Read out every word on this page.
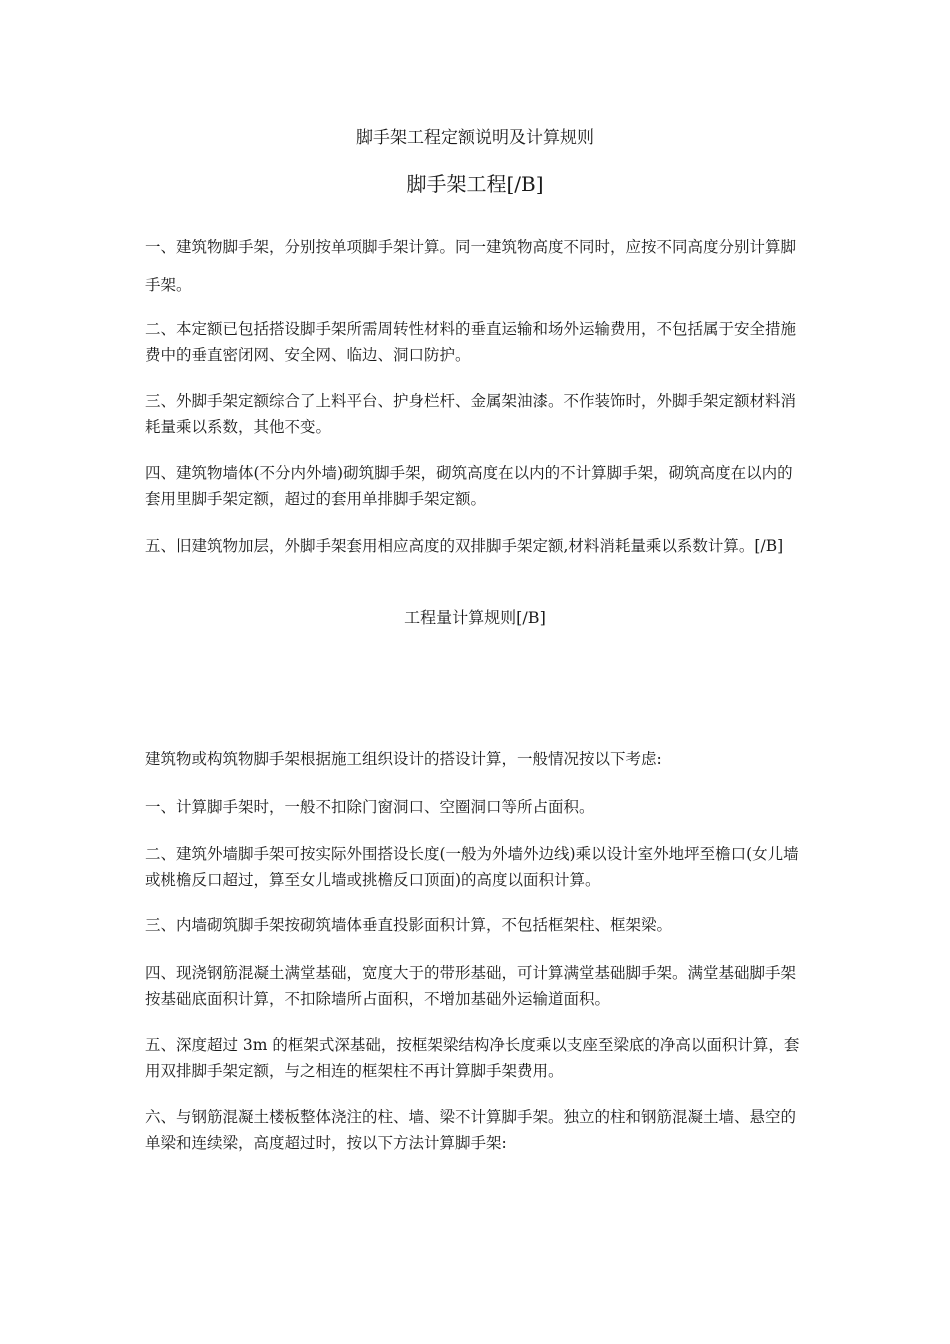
脚手架工程定额说明及计算规则
脚手架工程[/B]

一、建筑物脚手架，分别按单项脚手架计算。同一建筑物高度不同时，应按不同高度分别计算脚手架。

二、本定额已包括搭设脚手架所需周转性材料的垂直运输和场外运输费用，不包括属于安全措施费中的垂直密闭网、安全网、临边、洞口防护。

三、外脚手架定额综合了上料平台、护身栏杆、金属架油漆。不作装饰时，外脚手架定额材料消耗量乘以系数，其他不变。

四、建筑物墙体(不分内外墙)砌筑脚手架，砌筑高度在以内的不计算脚手架，砌筑高度在以内的套用里脚手架定额，超过的套用单排脚手架定额。

五、旧建筑物加层，外脚手架套用相应高度的双排脚手架定额,材料消耗量乘以系数计算。[/B]

工程量计算规则[/B]

建筑物或构筑物脚手架根据施工组织设计的搭设计算，一般情况按以下考虑:

一、计算脚手架时，一般不扣除门窗洞口、空圈洞口等所占面积。

二、建筑外墙脚手架可按实际外围搭设长度(一般为外墙外边线)乘以设计室外地坪至檐口(女儿墙或桃檐反口超过，算至女儿墙或挑檐反口顶面)的高度以面积计算。

三、内墙砌筑脚手架按砌筑墙体垂直投影面积计算，不包括框架柱、框架梁。

四、现浇钢筋混凝土满堂基础，宽度大于的带形基础，可计算满堂基础脚手架。满堂基础脚手架按基础底面积计算，不扣除墙所占面积，不增加基础外运输道面积。

五、深度超过 3m 的框架式深基础，按框架梁结构净长度乘以支座至梁底的净高以面积计算，套用双排脚手架定额，与之相连的框架柱不再计算脚手架费用。

六、与钢筋混凝土楼板整体浇注的柱、墙、梁不计算脚手架。独立的柱和钢筋混凝土墙、悬空的单梁和连续梁，高度超过时，按以下方法计算脚手架:
